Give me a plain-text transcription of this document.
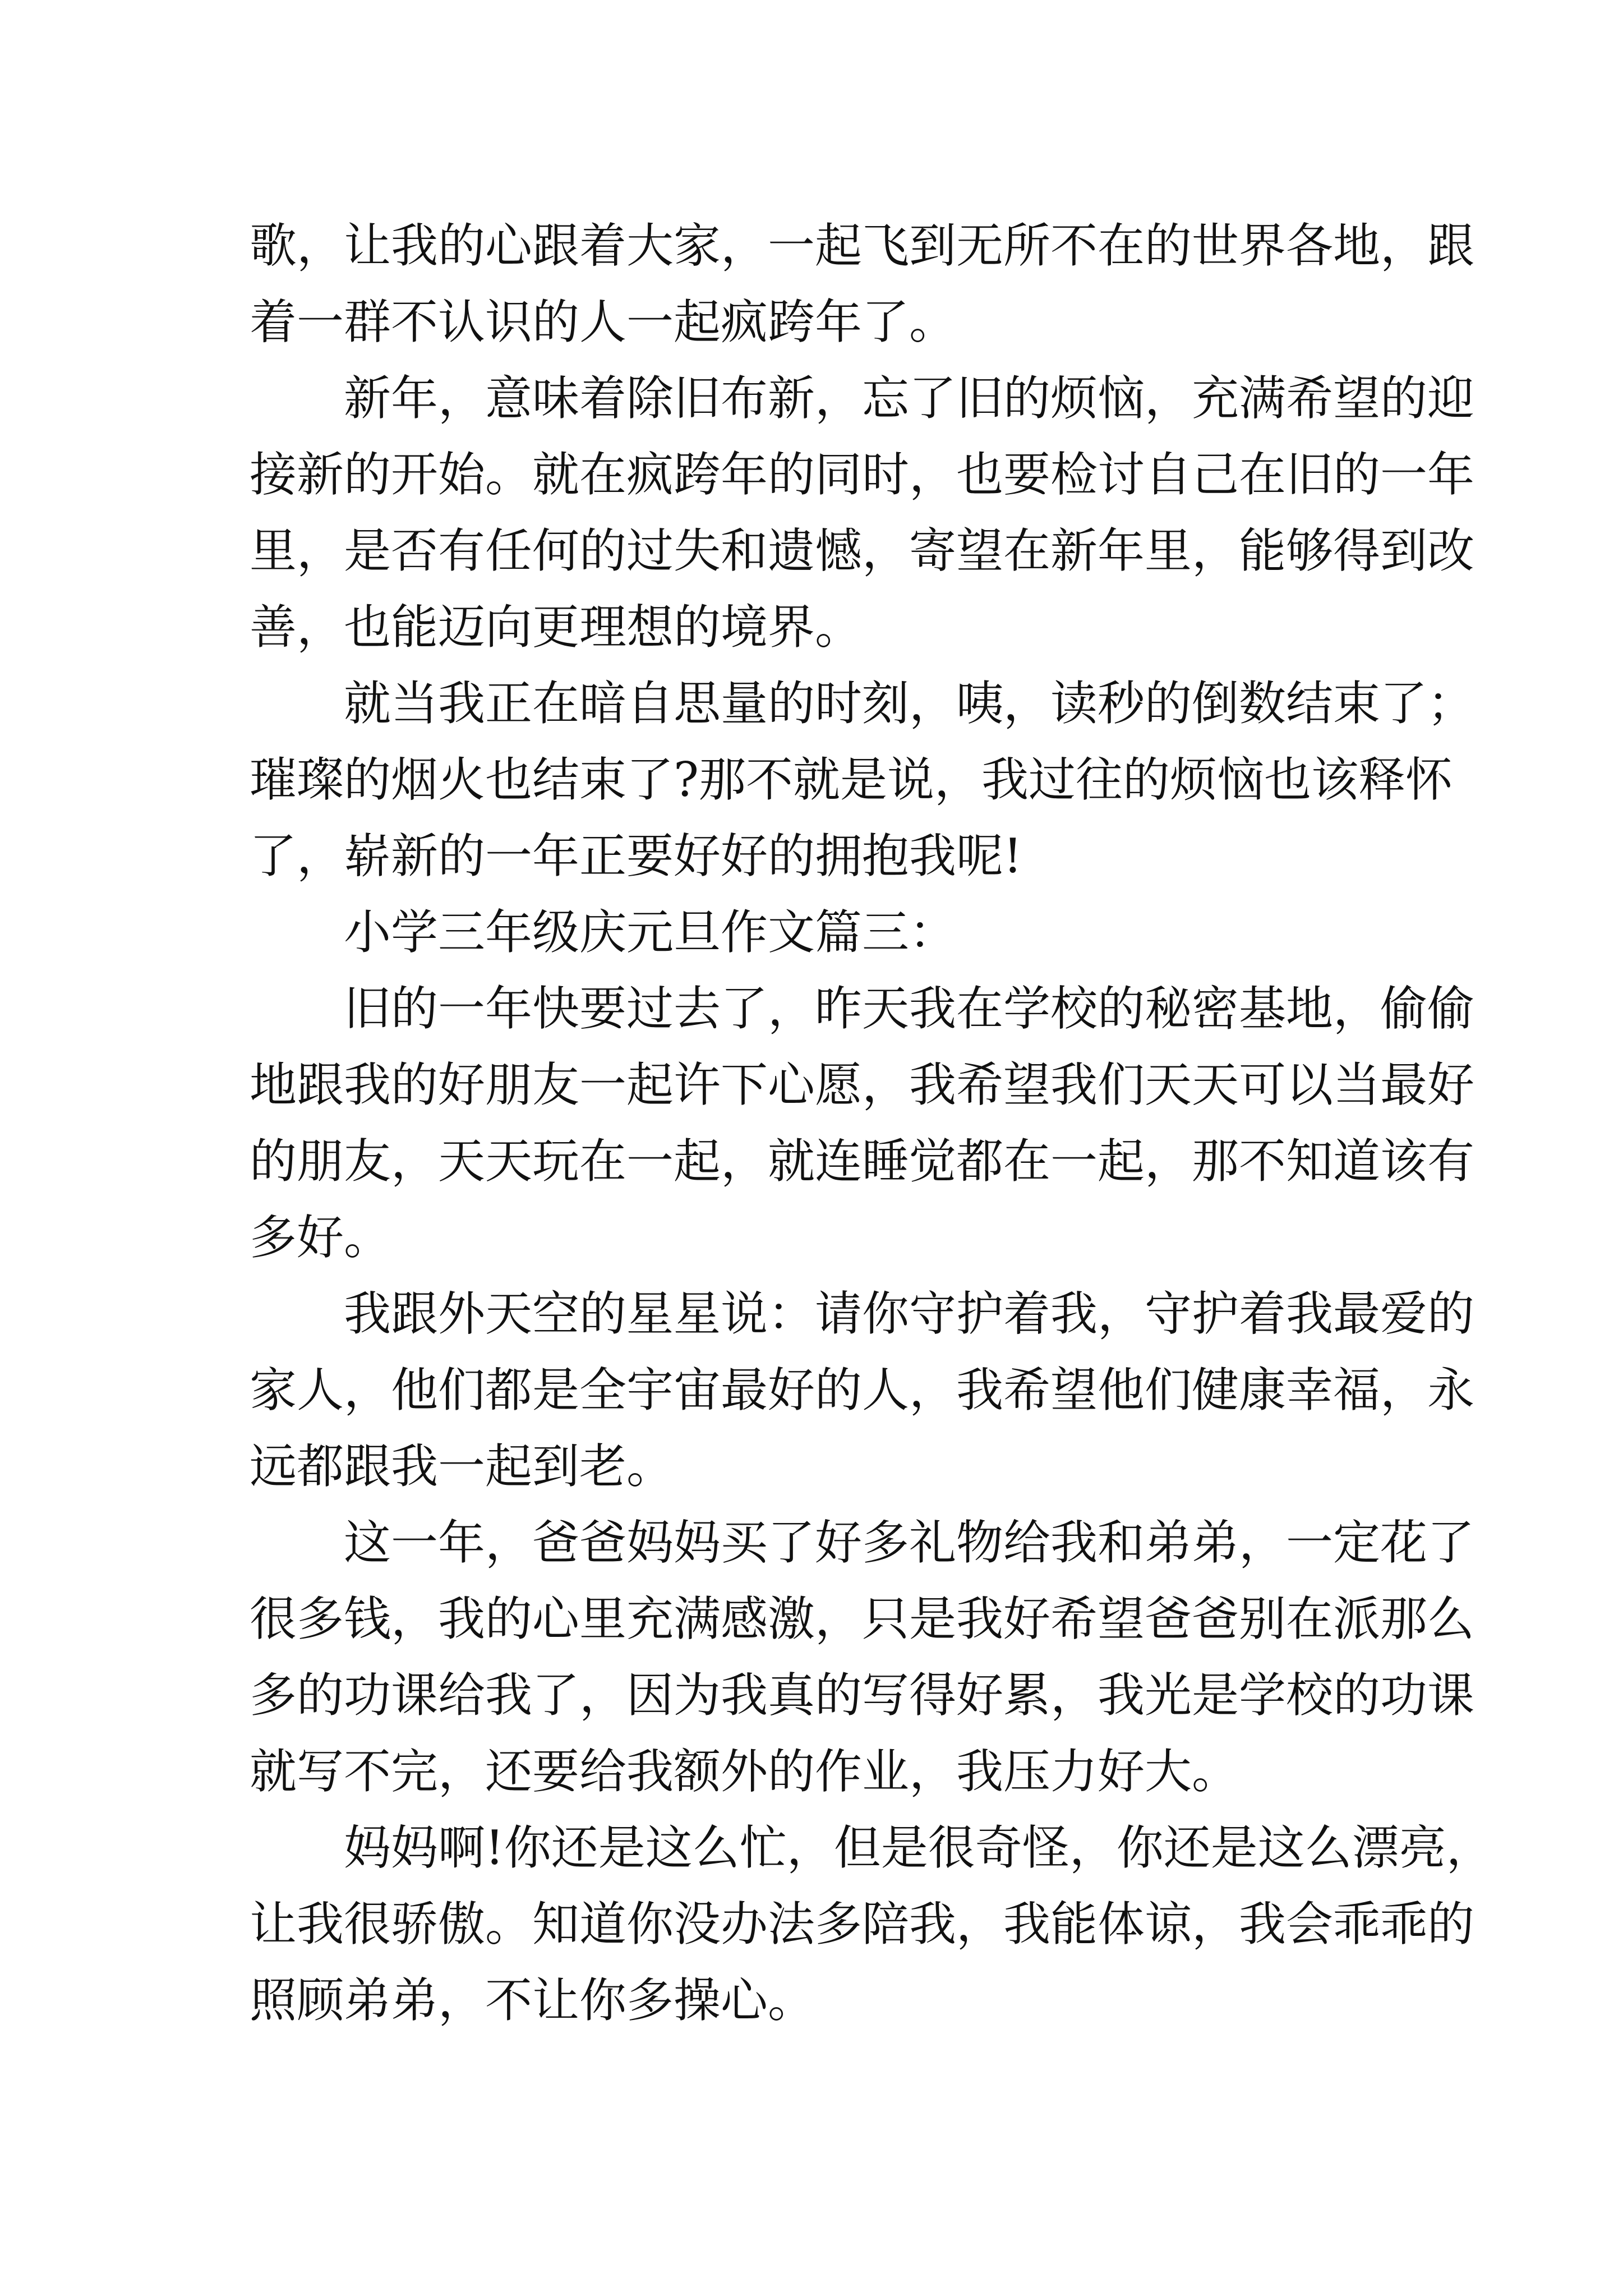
歌，让我的心跟着大家，一起飞到无所不在的世界各地，跟
着一群不认识的人一起疯跨年了。
新年，意味着除旧布新，忘了旧的烦恼，充满希望的迎
接新的开始。就在疯跨年的同时，也要检讨自己在旧的一年
里，是否有任何的过失和遗憾，寄望在新年里，能够得到改
善，也能迈向更理想的境界。
就当我正在暗自思量的时刻，咦，读秒的倒数结束了；
璀璨的烟火也结束了?那不就是说，我过往的烦恼也该释怀
了，崭新的一年正要好好的拥抱我呢!
小学三年级庆元旦作文篇三：
旧的一年快要过去了，昨天我在学校的秘密基地，偷偷
地跟我的好朋友一起许下心愿，我希望我们天天可以当最好
的朋友，天天玩在一起，就连睡觉都在一起，那不知道该有
多好。
我跟外天空的星星说：请你守护着我，守护着我最爱的
家人，他们都是全宇宙最好的人，我希望他们健康幸福，永
远都跟我一起到老。
这一年，爸爸妈妈买了好多礼物给我和弟弟，一定花了
很多钱，我的心里充满感激，只是我好希望爸爸别在派那么
多的功课给我了，因为我真的写得好累，我光是学校的功课
就写不完，还要给我额外的作业，我压力好大。
妈妈啊!你还是这么忙，但是很奇怪，你还是这么漂亮，
让我很骄傲。知道你没办法多陪我，我能体谅，我会乖乖的
照顾弟弟，不让你多操心。
